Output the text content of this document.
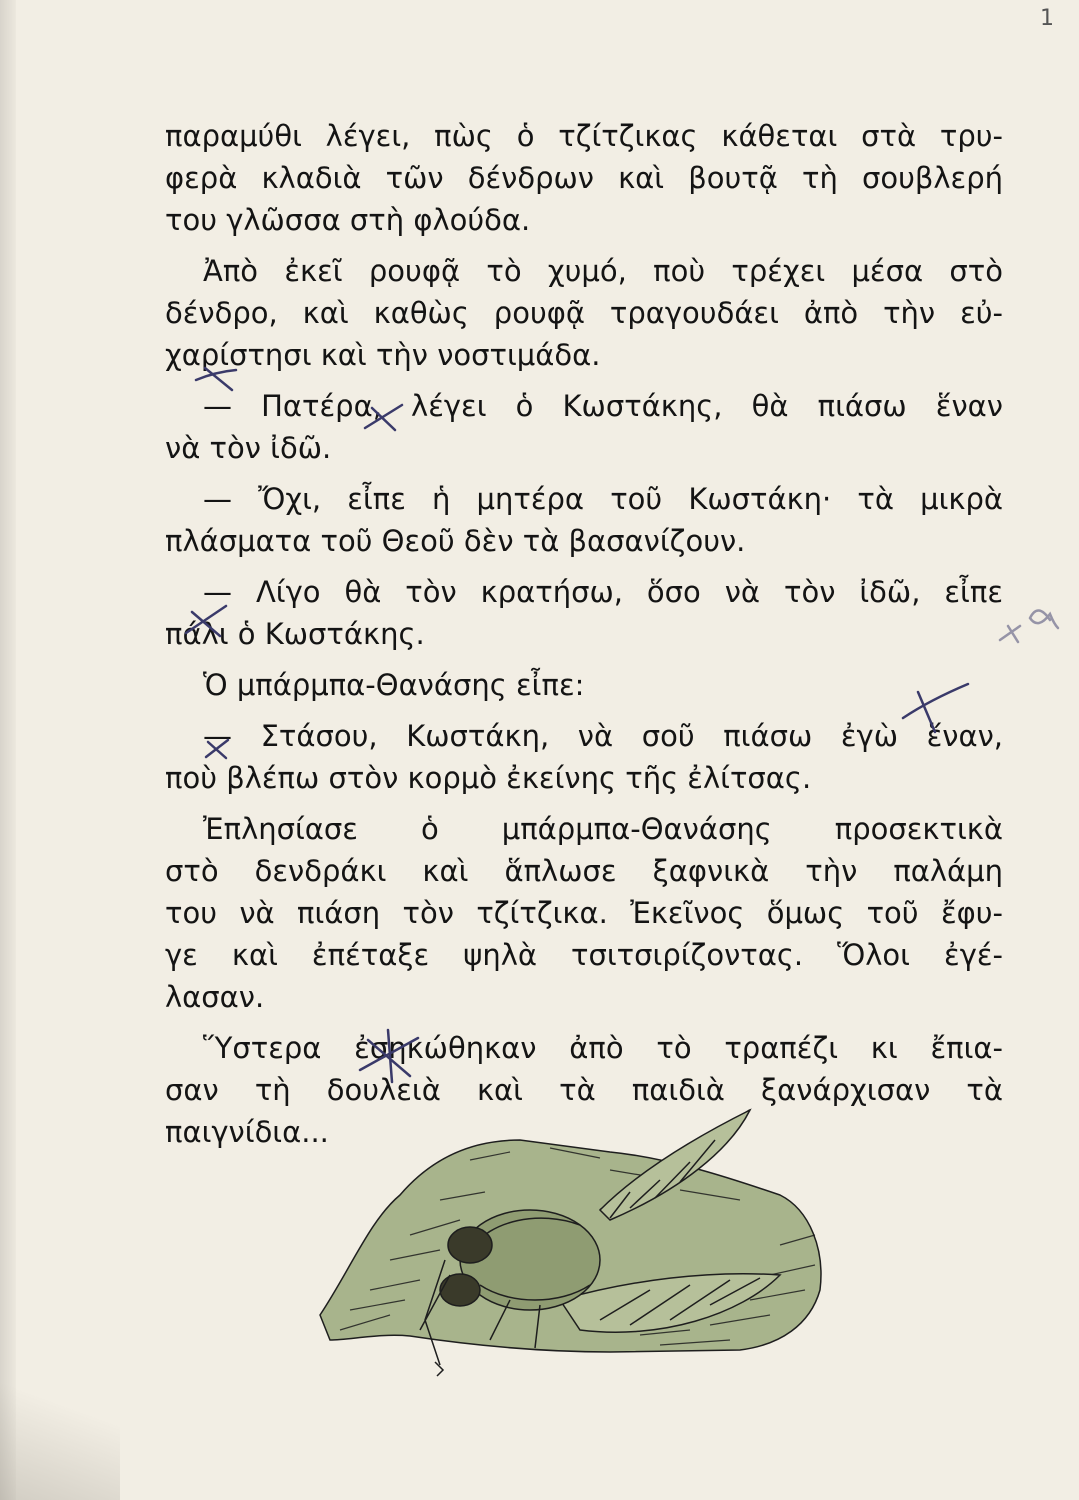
1

παραμύθι λέγει, πὼς ὁ τζίτζικας κάθεται στὰ τρυ-
φερὰ κλαδιὰ τῶν δένδρων καὶ βουτᾷ τὴ σουβλερή
του γλῶσσα στὴ φλούδα.

Ἀπὸ ἐκεῖ ρουφᾷ τὸ χυμό, ποὺ τρέχει μέσα στὸ
δένδρο, καὶ καθὼς ρουφᾷ τραγουδάει ἀπὸ τὴν εὐ-
χαρίστησι καὶ τὴν νοστιμάδα.

— Πατέρα, λέγει ὁ Κωστάκης, θὰ πιάσω ἕναν
νὰ τὸν ἰδῶ.

— Ὄχι, εἶπε ἡ μητέρα τοῦ Κωστάκη· τὰ μικρὰ
πλάσματα τοῦ Θεοῦ δὲν τὰ βασανίζουν.

— Λίγο θὰ τὸν κρατήσω, ὅσο νὰ τὸν ἰδῶ, εἶπε
πάλι ὁ Κωστάκης.

Ὁ μπάρμπα-Θανάσης εἶπε:

— Στάσου, Κωστάκη, νὰ σοῦ πιάσω ἐγὼ ἕναν,
ποὺ βλέπω στὸν κορμὸ ἐκείνης τῆς ἐλίτσας.

Ἐπλησίασε ὁ μπάρμπα-Θανάσης προσεκτικὰ
στὸ δενδράκι καὶ ἅπλωσε ξαφνικὰ τὴν παλάμη
του νὰ πιάση τὸν τζίτζικα. Ἐκεῖνος ὅμως τοῦ ἔφυ-
γε καὶ ἐπέταξε ψηλὰ τσιτσιρίζοντας. Ὅλοι ἐγέ-
λασαν.

Ὕστερα ἐσηκώθηκαν ἀπὸ τὸ τραπέζι κι ἔπια-
σαν τὴ δουλειὰ καὶ τὰ παιδιὰ ξανάρχισαν τὰ
παιγνίδια...
